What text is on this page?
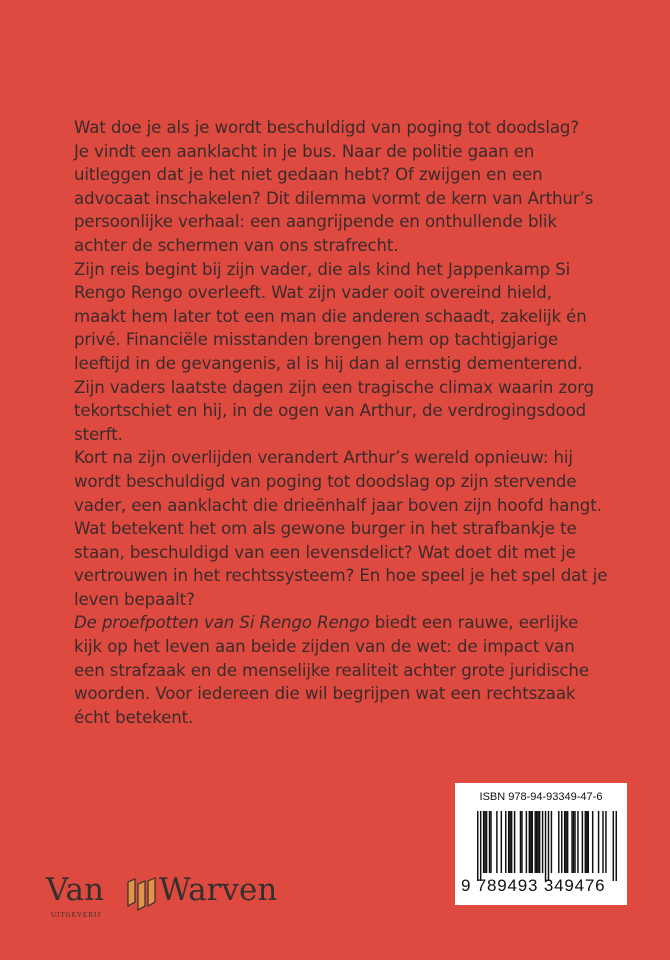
Wat doe je als je wordt beschuldigd van poging tot doodslag?
Je vindt een aanklacht in je bus. Naar de politie gaan en
uitleggen dat je het niet gedaan hebt? Of zwijgen en een
advocaat inschakelen? Dit dilemma vormt de kern van Arthur’s
persoonlijke verhaal: een aangrijpende en onthullende blik
achter de schermen van ons strafrecht.
Zijn reis begint bij zijn vader, die als kind het Jappenkamp Si
Rengo Rengo overleeft. Wat zijn vader ooit overeind hield,
maakt hem later tot een man die anderen schaadt, zakelijk én
privé. Financiële misstanden brengen hem op tachtigjarige
leeftijd in de gevangenis, al is hij dan al ernstig dementerend.
Zijn vaders laatste dagen zijn een tragische climax waarin zorg
tekortschiet en hij, in de ogen van Arthur, de verdrogingsdood
sterft.
Kort na zijn overlijden verandert Arthur’s wereld opnieuw: hij
wordt beschuldigd van poging tot doodslag op zijn stervende
vader, een aanklacht die drieënhalf jaar boven zijn hoofd hangt.
Wat betekent het om als gewone burger in het strafbankje te
staan, beschuldigd van een levensdelict? Wat doet dit met je
vertrouwen in het rechtssysteem? En hoe speel je het spel dat je
leven bepaalt?
De proefpotten van Si Rengo Rengo biedt een rauwe, eerlijke
kijk op het leven aan beide zijden van de wet: de impact van
een strafzaak en de menselijke realiteit achter grote juridische
woorden. Voor iedereen die wil begrijpen wat een rechtszaak
écht betekent.
ISBN 978-94-93349-47-6
9 789493 349476
Van Warven
UITGEVERIJ
